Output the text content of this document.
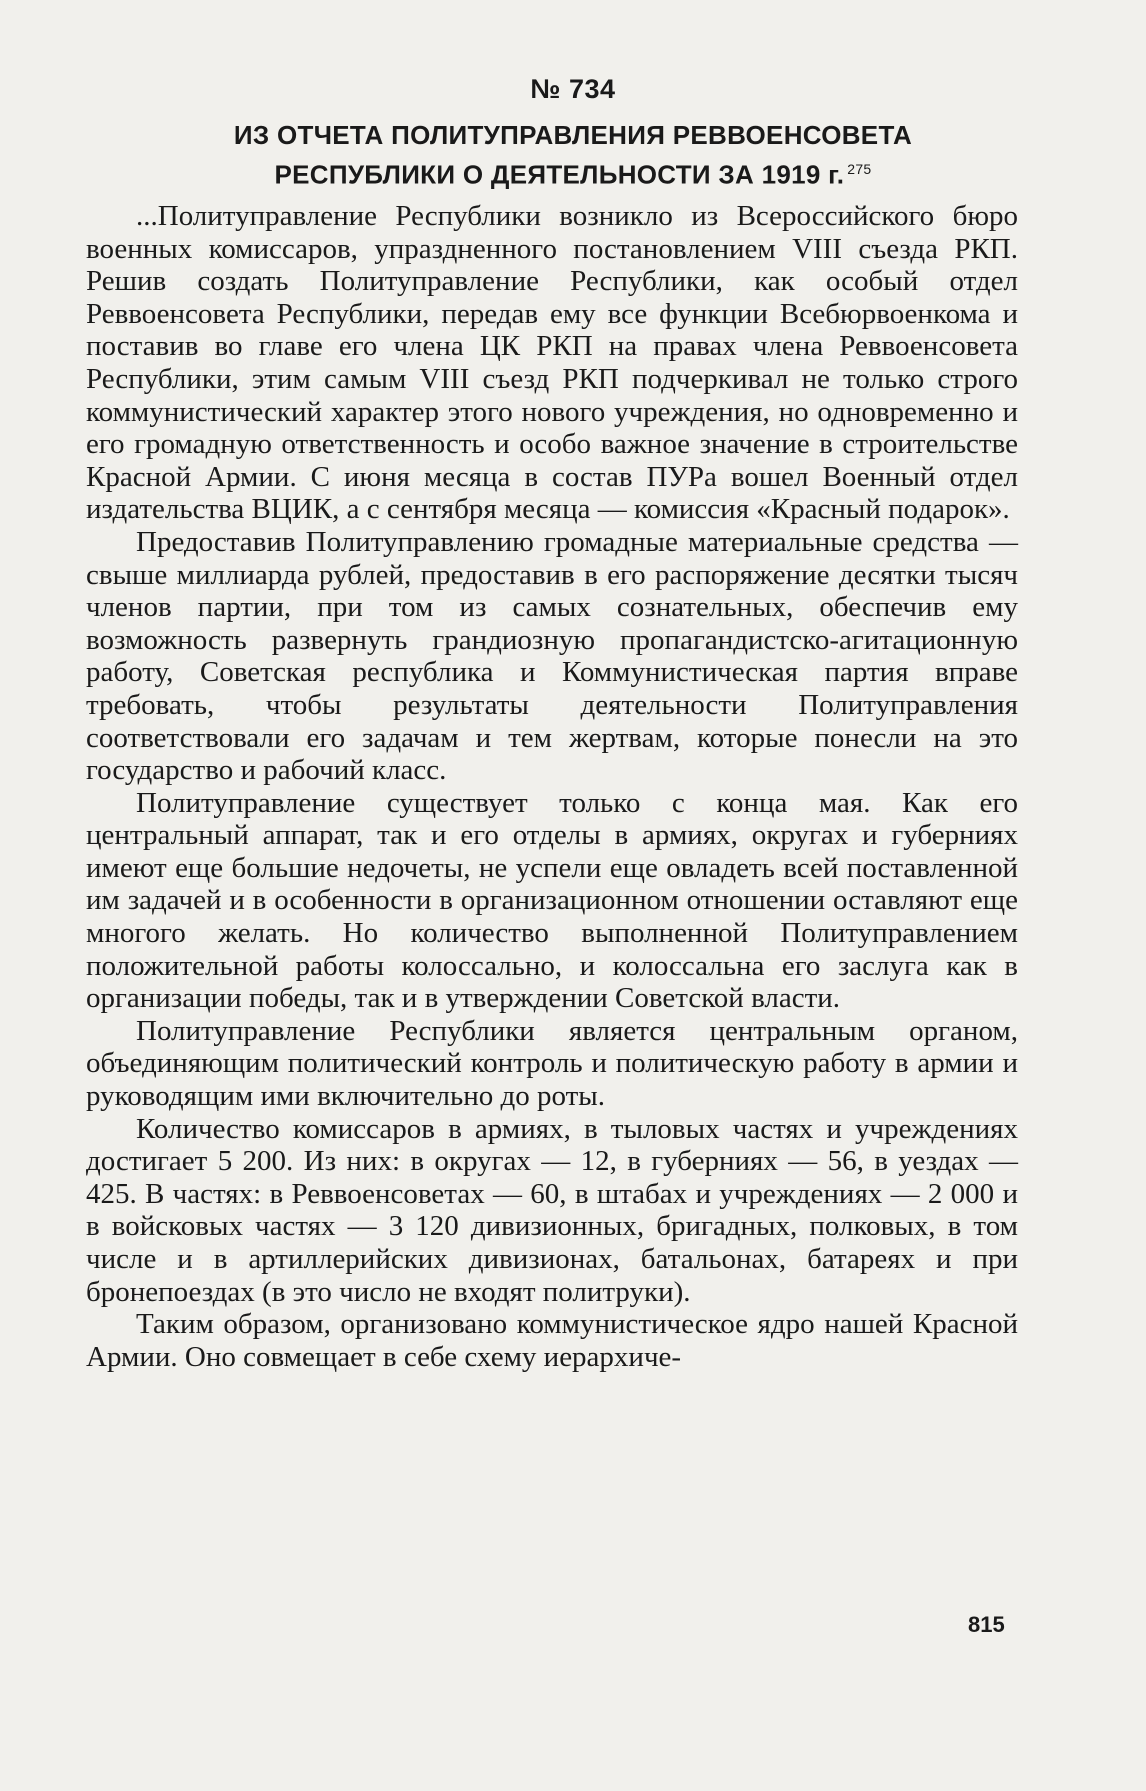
№ 734
ИЗ ОТЧЕТА ПОЛИТУПРАВЛЕНИЯ РЕВВОЕНСОВЕТА
РЕСПУБЛИКИ О ДЕЯТЕЛЬНОСТИ ЗА 1919 г. $^{275}$

...Политуправление Республики возникло из Всероссийского бюро военных комиссаров, упраздненного постановлением VIII съезда РКП. Решив создать Политуправление Республики, как особый отдел Реввоенсовета Республики, передав ему все функции Всебюрвоенкома и поставив во главе его члена ЦК РКП на правах члена Реввоенсовета Республики, этим самым VIII съезд РКП подчеркивал не только строго коммунистический характер этого нового учреждения, но одновременно и его громадную ответственность и особо важное значение в строительстве Красной Армии. С июня месяца в состав ПУРа вошел Военный отдел издательства ВЦИК, а с сентября месяца — комиссия «Красный подарок».

Предоставив Политуправлению громадные материальные средства — свыше миллиарда рублей, предоставив в его распоряжение десятки тысяч членов партии, при том из самых сознательных, обеспечив ему возможность развернуть грандиозную пропагандистско-агитационную работу, Советская республика и Коммунистическая партия вправе требовать, чтобы результаты деятельности Политуправления соответствовали его задачам и тем жертвам, которые понесли на это государство и рабочий класс.

Политуправление существует только с конца мая. Как его центральный аппарат, так и его отделы в армиях, округах и губерниях имеют еще большие недочеты, не успели еще овладеть всей поставленной им задачей и в особенности в организационном отношении оставляют еще многого желать. Но количество выполненной Политуправлением положительной работы колоссально, и колоссальна его заслуга как в организации победы, так и в утверждении Советской власти.

Политуправление Республики является центральным органом, объединяющим политический контроль и политическую работу в армии и руководящим ими включительно до роты.

Количество комиссаров в армиях, в тыловых частях и учреждениях достигает 5 200. Из них: в округах — 12, в губерниях — 56, в уездах — 425. В частях: в Реввоенсоветах — 60, в штабах и учреждениях — 2 000 и в войсковых частях — 3 120 дивизионных, бригадных, полковых, в том числе и в артиллерийских дивизионах, батальонах, батареях и при бронепоездах (в это число не входят политруки).

Таким образом, организовано коммунистическое ядро нашей Красной Армии. Оно совмещает в себе схему иерархиче-

815
